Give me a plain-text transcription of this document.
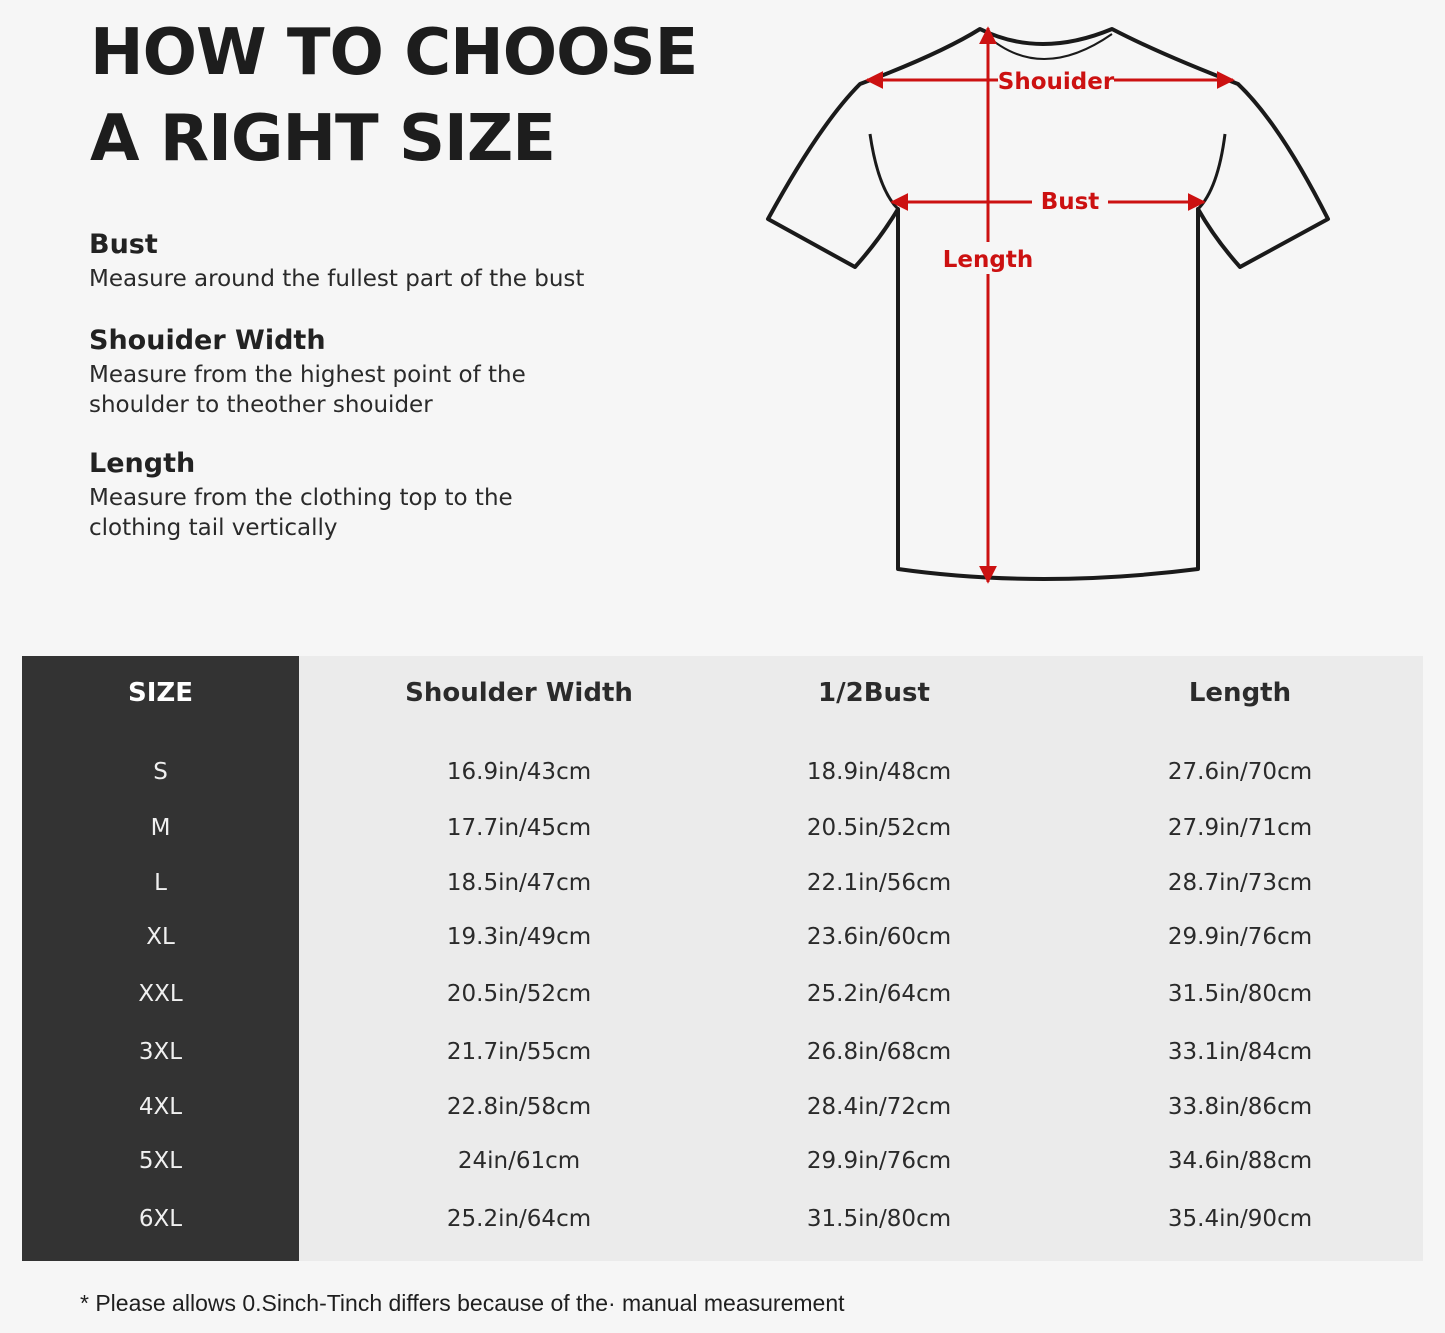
HOW TO CHOOSE
A RIGHT SIZE
Bust

Measure around the fullest part of the bust

Shouider Width

Measure from the highest point of the shoulder to theother shouider

Length

Measure from the clothing top to the clothing tail vertically

Shouider
Bust
Length
SIZE	Shoulder Width	1/2Bust	Length
S	16.9in/43cm	18.9in/48cm	27.6in/70cm
M	17.7in/45cm	20.5in/52cm	27.9in/71cm
L	18.5in/47cm	22.1in/56cm	28.7in/73cm
XL	19.3in/49cm	23.6in/60cm	29.9in/76cm
XXL	20.5in/52cm	25.2in/64cm	31.5in/80cm
3XL	21.7in/55cm	26.8in/68cm	33.1in/84cm
4XL	22.8in/58cm	28.4in/72cm	33.8in/86cm
5XL	24in/61cm	29.9in/76cm	34.6in/88cm
6XL	25.2in/64cm	31.5in/80cm	35.4in/90cm
* Please allows 0.Sinch-Tinch differs because of the· manual measurement
